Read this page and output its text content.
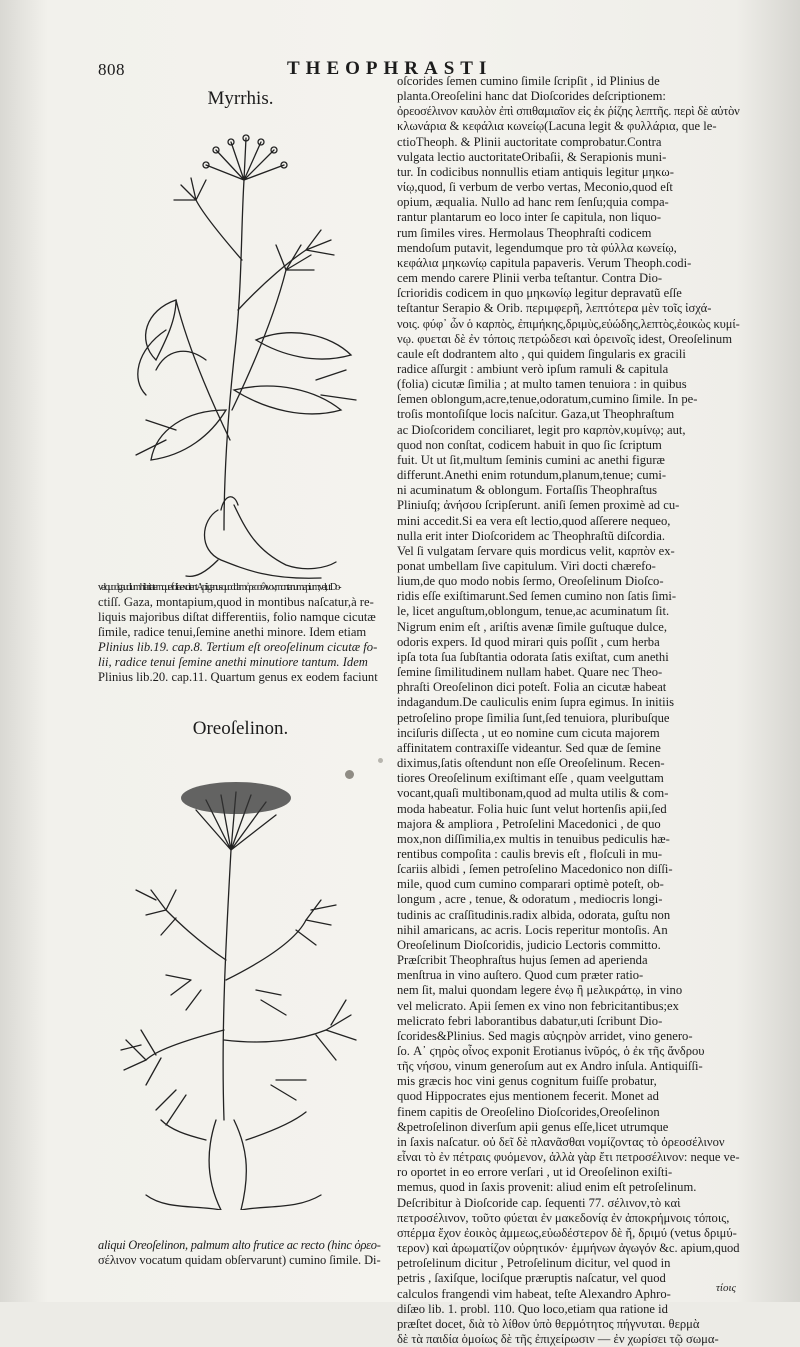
808	THEOPHRASTI

Myrrhis.

vel quod gaudium hilaritatemque folia excitent. Apii genus quoddam ὀρεοσέλινον,montanum apium,vel,ut Do-

ctiſſ. Gaza, montapium,quod in montibus naſcatur,à re-

liquis majoribus diſtat differentiis, folio namque cicutæ

ſimile, radice tenui,ſemine anethi minore. Idem etiam

Plinius lib.19. cap.8. Tertium eſt oreoſelinum cicutæ fo-

lii, radice tenui ſemine anethi minutiore tantum. Idem

Plinius lib.20. cap.11. Quartum genus ex eodem faciunt

Oreoſelinon.

aliqui Oreoſelinon, palmum alto frutice ac recto (hinc ὀρεο-

σέλινον vocatum quidam obſervarunt) cumino ſimile. Di-

oſcorides ſemen cumino ſimile ſcripſit , id Plinius de

planta.Oreoſelini hanc dat Dioſcorides deſcriptionem:

ὀρεοσέλινον καυλὸν ἐπὶ σπιθαμιαῖον εἰς ἐκ ῥίζης λεπτῆς. περὶ δὲ αὐτὸν

κλωνάρια & κεφάλια κωνείῳ(Lacuna legit & φυλλάρια, que le-

ctioTheoph. & Plinii auctoritate comprobatur.Contra

vulgata lectio auctoritateOribaſii, & Serapionis muni-

tur. In codicibus nonnullis etiam antiquis legitur μηκω-

νίῳ,quod, ſi verbum de verbo vertas, Meconio,quod eſt

opium, æqualia. Nullo ad hanc rem ſenſu;quia compa-

rantur plantarum eo loco inter ſe capitula, non liquo-

rum ſimiles vires. Hermolaus Theophraſti codicem

mendoſum putavit, legendumque pro τὰ φύλλα κωνείῳ,

κεφάλια μηκωνίῳ capitula papaveris. Verum Theoph.codi-

cem mendo carere Plinii verba teſtantur. Contra Dio-

ſcrioridis codicem in quo μηκωνίῳ legitur depravatũ eſſe

teſtantur Serapio & Orib. περιμφερῆ, λεπτότερα μὲν τοῖς ἰσχά-

νοις. φύφ᾽ ὧν ὁ καρπὸς, ἐπιμήκης,δριμὺς,εὐώδης,λεπτὸς,ἐοικὼς κυμί-

νῳ. φυεται δὲ ἐν τόποις πετρώδεσι καὶ ὀρεινοῖς idest, Oreoſelinum

caule eſt dodrantem alto , qui quidem ſingularis ex gracili

radice aſſurgit : ambiunt verò ipſum ramuli & capitula

(folia) cicutæ ſimilia ; at multo tamen tenuiora : in quibus

ſemen oblongum,acre,tenue,odoratum,cumino ſimile. In pe-

troſis montoſiſque locis naſcitur. Gaza,ut Theophraſtum

ac Dioſcoridem conciliaret, legit pro καρπὸν,κυμίνῳ; aut,

quod non conſtat, codicem habuit in quo ſic ſcriptum

fuit. Ut ut ſit,multum ſeminis cumini ac anethi figuræ

differunt.Anethi enim rotundum,planum,tenue; cumi-

ni acuminatum & oblongum. Fortaſſis Theophraſtus

Pliniuſq; ἀνήσου ſcripſerunt. aniſi ſemen proximè ad cu-

mini accedit.Si ea vera eſt lectio,quod aſſerere nequeo,

nulla erit inter Dioſcoridem ac Theophraſtũ diſcordia.

Vel ſi vulgatam ſervare quis mordicus velit, καρπὸν ex-

ponat umbellam ſive capitulum. Viri docti chærefo-

lium,de quo modo nobis ſermo, Oreoſelinum Dioſco-

ridis eſſe exiſtimarunt.Sed ſemen cumino non ſatis ſimi-

le, licet anguſtum,oblongum, tenue,ac acuminatum ſit.

Nigrum enim eſt , ariſtis avenæ ſimile guſtuque dulce,

odoris expers. Id quod mirari quis poſſit , cum herba

ipſa tota ſua ſubſtantia odorata ſatis exiſtat, cum anethi

ſemine ſimilitudinem nullam habet. Quare nec Theo-

phraſti Oreoſelinon dici poteſt. Folia an cicutæ habeat

indagandum.De cauliculis enim ſupra egimus. In initiis

petroſelino prope ſimilia ſunt,ſed tenuiora, pluribuſque

inciſuris diſſecta , ut eo nomine cum cicuta majorem

affinitatem contraxiſſe videantur. Sed quæ de ſemine

diximus,ſatis oſtendunt non eſſe Oreoſelinum. Recen-

tiores Oreoſelinum exiſtimant eſſe , quam veelguttam

vocant,quaſi multibonam,quod ad multa utilis & com-

moda habeatur. Folia huic ſunt velut hortenſis apii,ſed

majora & ampliora , Petroſelini Macedonici , de quo

mox,non diſſimilia,ex multis in tenuibus pediculis hæ-

rentibus compoſita : caulis brevis eſt , floſculi in mu-

ſcariis albidi , ſemen petroſelino Macedonico non diſſi-

mile, quod cum cumino comparari optimè poteſt, ob-

longum , acre , tenue, & odoratum , mediocris longi-

tudinis ac craſſitudinis.radix albida, odorata, guſtu non

nihil amaricans, ac acris. Locis reperitur montoſis. An

Oreoſelinum Dioſcoridis, judicio Lectoris committo.

Præſcribit Theophraſtus hujus ſemen ad aperienda

menſtrua in vino auſtero. Quod cum præter ratio-

nem ſit, malui quondam legere ἐνῳ ἢ μελικράτῳ, in vino

vel melicrato. Apii ſemen ex vino non febricitantibus;ex

melicrato febri laborantibus dabatur,uti ſcribunt Dio-

ſcorides&Plinius. Sed magis αὐϛηρὸν arridet, vino genero-

ſo. Α᾽ ϛηρὸς οἶνος exponit Erotianus ἰνῦρός, ὁ ἐκ τῆς ἄνδρου

τῆς νήσου, vinum generoſum aut ex Andro inſula. Antiquiſſi-

mis græcis hoc vini genus cognitum fuiſſe probatur,

quod Hippocrates ejus mentionem fecerit. Monet ad

finem capitis de Oreoſelino Dioſcorides,Oreoſelinon

&petroſelinon diverſum apii genus eſſe,licet utrumque

in ſaxis naſcatur. οὐ δεῖ δὲ πλανᾶσθαι νομίζοντας τὸ ὀρεοσέλινον

εἶναι τὸ ἐν πέτραις φυόμενον, ἀλλὰ γὰρ ἔτι πετροσέλινον: neque ve-

ro oportet in eo errore verſari , ut id Oreoſelinon exiſti-

memus, quod in ſaxis provenit: aliud enim eſt petroſelinum.

Deſcribitur à Dioſcoride cap. ſequenti 77. σέλινον,τὸ καὶ

πετροσέλινον, τοῦτο φύεται ἐν μακεδονίᾳ ἐν ἀποκρήμνοις τόποις,

σπέρμα ἔχον ἐοικὸς ἀμμεως,εὐωδέστερον δὲ ἤ, δριμύ (vetus δριμύ-

τερον) καὶ ἀρωματίζον οὐρητικόν· ἐμμήνων ἀγωγόν &c. apium,quod

petroſelinum dicitur , Petroſelinum dicitur, vel quod in

petris , ſaxiſque, lociſque præruptis naſcatur, vel quod

calculos frangendi vim habeat, teſte Alexandro Aphro-

diſæo lib. 1. probl. 110. Quo loco,etiam qua ratione id

præſtet docet, διὰ τὸ λίθον ὑπὸ θερμότητος πήγνυται. θερμὰ

δὲ τὰ παιδία ὁμοίως δὲ τῆς ἐπιχείρωσιν — ἐν χωρίσει τῷ σωμα-

τίοις
